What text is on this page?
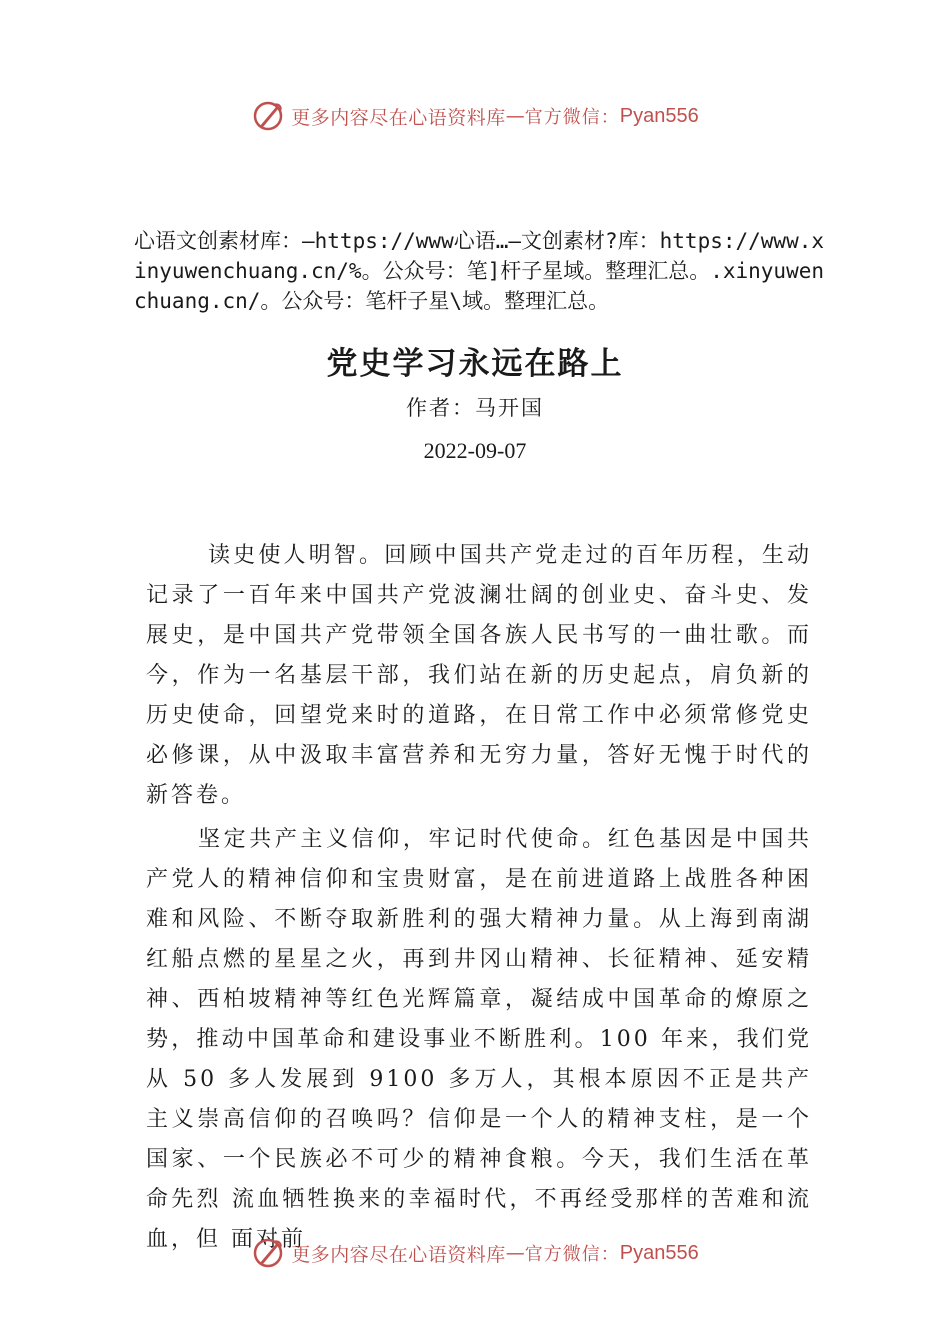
更多内容尽在心语资料库 — 官方微信： Pyan556

心语文创素材库：—https://www心语…—文创素材?库：https://www.xinyuwenchuang.cn/%。公众号：笔]杆子星域。整理汇总。.xinyuwenchuang.cn/。公众号：笔杆子星\域。整理汇总。

党史学习永远在路上

作者：马开国

2022-09-07

读史使人明智。回顾中国共产党走过的百年历程，生动记录了一百年来中国共产党波澜壮阔的创业史、奋斗史、发展史，是中国共产党带领全国各族人民书写的一曲壮歌。而今，作为一名基层干部，我们站在新的历史起点，肩负新的历史使命，回望党来时的道路，在日常工作中必须常修党史必修课，从中汲取丰富营养和无穷力量，答好无愧于时代的新答卷。

坚定共产主义信仰，牢记时代使命。红色基因是中国共 产党人的精神信仰和宝贵财富，是在前进道路上战胜各种困 难和风险、不断夺取新胜利的强大精神力量。从上海到南湖 红船点燃的星星之火，再到井冈山精神、长征精神、延安精 神、西柏坡精神等红色光辉篇章，凝结成中国革命的燎原之 势，推动中国革命和建设事业不断胜利。100 年来，我们党从 50 多人发展到 9100 多万人，其根本原因不正是共产主义崇高信仰的召唤吗？信仰是一个人的精神支柱，是一个国家、一个民族必不可少的精神食粮。今天，我们生活在革命先烈 流血牺牲换来的幸福时代，不再经受那样的苦难和流血，但 面对前

更多内容尽在心语资料库 — 官方微信： Pyan556
